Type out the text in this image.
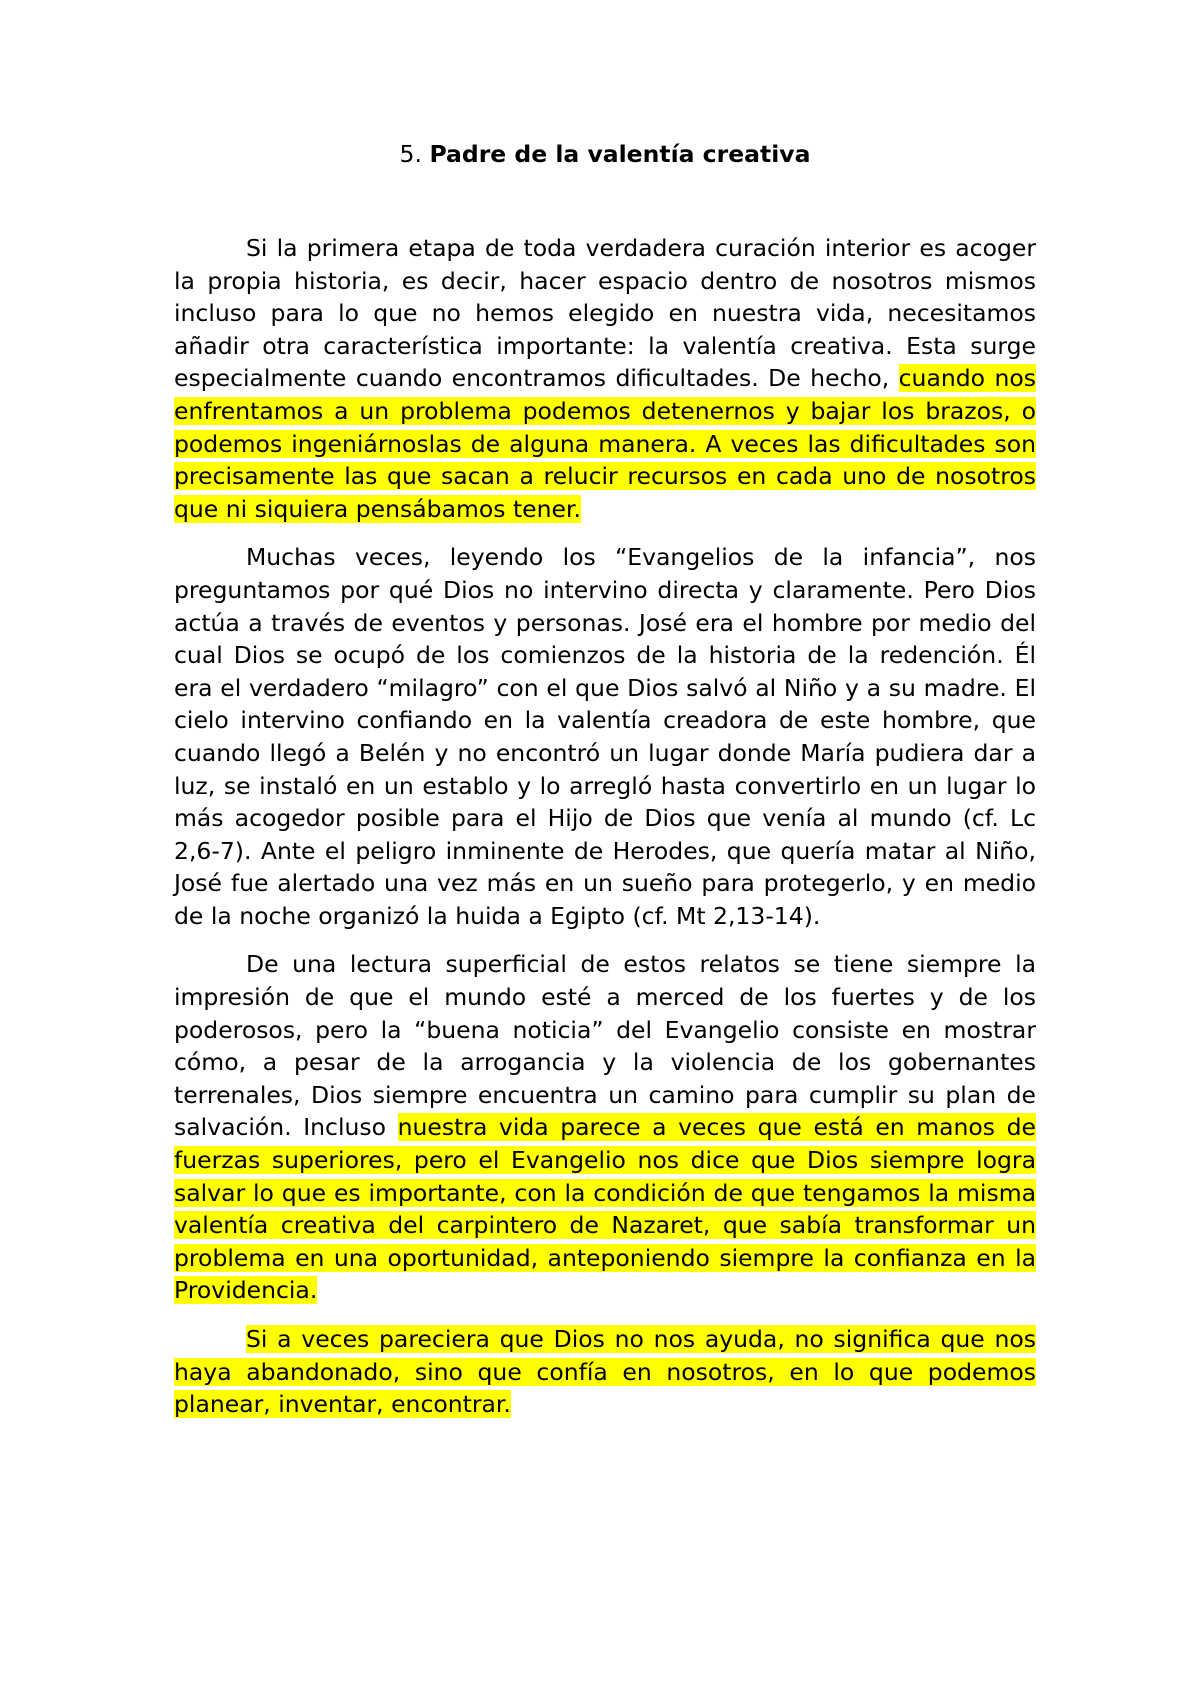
5. Padre de la valentía creativa

Si la primera etapa de toda verdadera curación interior es acoger la propia historia, es decir, hacer espacio dentro de nosotros mismos incluso para lo que no hemos elegido en nuestra vida, necesitamos añadir otra característica importante: la valentía creativa. Esta surge especialmente cuando encontramos dificultades. De hecho, cuando nos enfrentamos a un problema podemos detenernos y bajar los brazos, o podemos ingeniárnoslas de alguna manera. A veces las dificultades son precisamente las que sacan a relucir recursos en cada uno de nosotros que ni siquiera pensábamos tener.

Muchas veces, leyendo los “Evangelios de la infancia”, nos preguntamos por qué Dios no intervino directa y claramente. Pero Dios actúa a través de eventos y personas. José era el hombre por medio del cual Dios se ocupó de los comienzos de la historia de la redención. Él era el verdadero “milagro” con el que Dios salvó al Niño y a su madre. El cielo intervino confiando en la valentía creadora de este hombre, que cuando llegó a Belén y no encontró un lugar donde María pudiera dar a luz, se instaló en un establo y lo arregló hasta convertirlo en un lugar lo más acogedor posible para el Hijo de Dios que venía al mundo (cf. Lc 2,6-7). Ante el peligro inminente de Herodes, que quería matar al Niño, José fue alertado una vez más en un sueño para protegerlo, y en medio de la noche organizó la huida a Egipto (cf. Mt 2,13-14).

De una lectura superficial de estos relatos se tiene siempre la impresión de que el mundo esté a merced de los fuertes y de los poderosos, pero la “buena noticia” del Evangelio consiste en mostrar cómo, a pesar de la arrogancia y la violencia de los gobernantes terrenales, Dios siempre encuentra un camino para cumplir su plan de salvación. Incluso nuestra vida parece a veces que está en manos de fuerzas superiores, pero el Evangelio nos dice que Dios siempre logra salvar lo que es importante, con la condición de que tengamos la misma valentía creativa del carpintero de Nazaret, que sabía transformar un problema en una oportunidad, anteponiendo siempre la confianza en la Providencia.

Si a veces pareciera que Dios no nos ayuda, no significa que nos haya abandonado, sino que confía en nosotros, en lo que podemos planear, inventar, encontrar.
